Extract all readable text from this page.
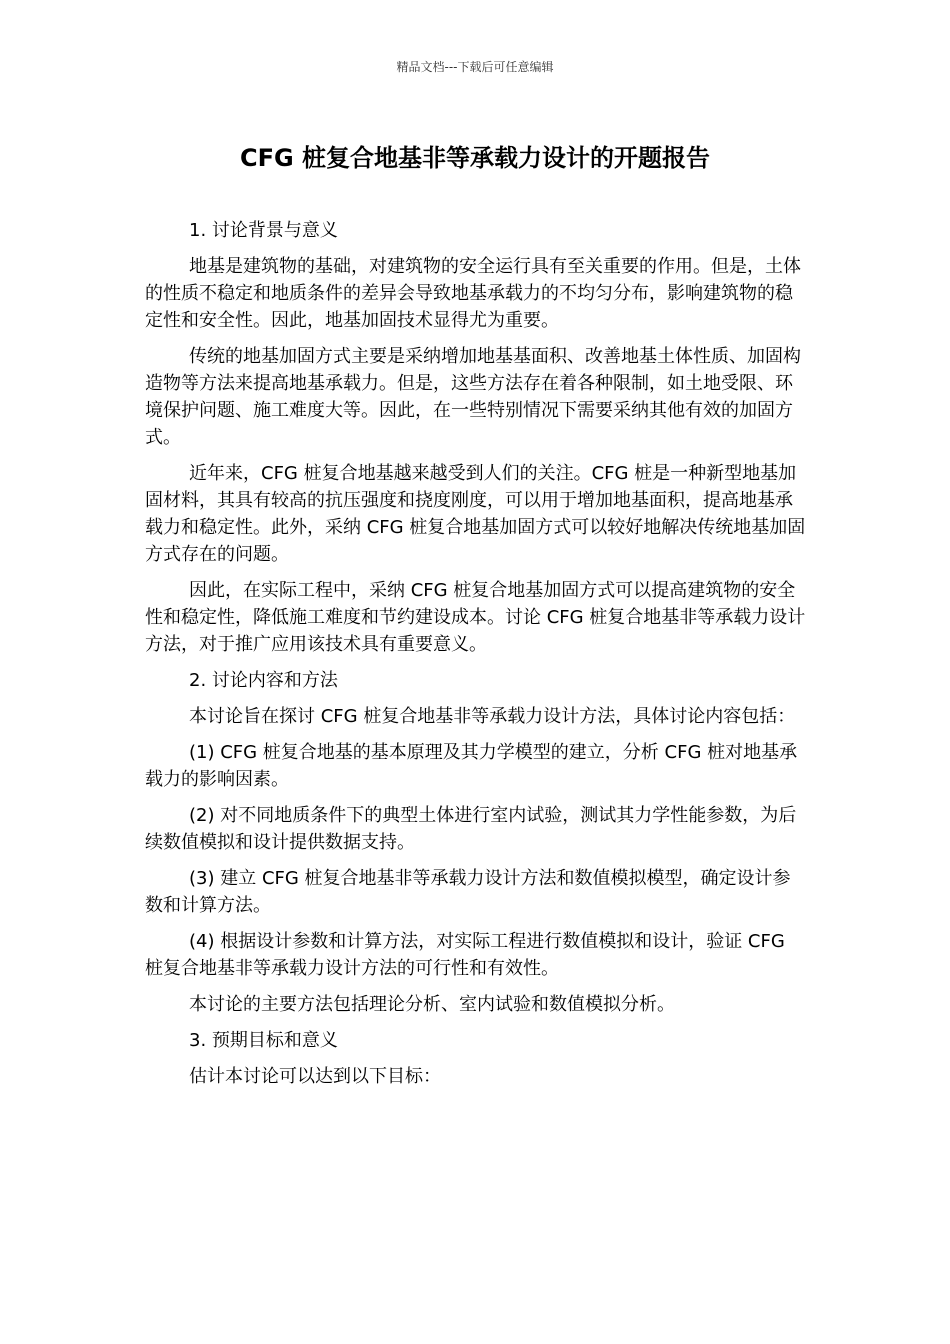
精品文档---下载后可任意编辑
CFG 桩复合地基非等承载力设计的开题报告

1. 讨论背景与意义

地基是建筑物的基础，对建筑物的安全运行具有至关重要的作用。但是，土体的性质不稳定和地质条件的差异会导致地基承载力的不均匀分布，影响建筑物的稳定性和安全性。因此，地基加固技术显得尤为重要。

传统的地基加固方式主要是采纳增加地基基面积、改善地基土体性质、加固构造物等方法来提高地基承载力。但是，这些方法存在着各种限制，如土地受限、环境保护问题、施工难度大等。因此，在一些特别情况下需要采纳其他有效的加固方式。

近年来，CFG 桩复合地基越来越受到人们的关注。CFG 桩是一种新型地基加固材料，其具有较高的抗压强度和挠度刚度，可以用于增加地基面积，提高地基承载力和稳定性。此外，采纳 CFG 桩复合地基加固方式可以较好地解决传统地基加固方式存在的问题。

因此，在实际工程中，采纳 CFG 桩复合地基加固方式可以提高建筑物的安全性和稳定性，降低施工难度和节约建设成本。讨论 CFG 桩复合地基非等承载力设计方法，对于推广应用该技术具有重要意义。

2. 讨论内容和方法

本讨论旨在探讨 CFG 桩复合地基非等承载力设计方法，具体讨论内容包括：

(1) CFG 桩复合地基的基本原理及其力学模型的建立，分析 CFG 桩对地基承载力的影响因素。

(2) 对不同地质条件下的典型土体进行室内试验，测试其力学性能参数，为后续数值模拟和设计提供数据支持。

(3) 建立 CFG 桩复合地基非等承载力设计方法和数值模拟模型，确定设计参数和计算方法。

(4) 根据设计参数和计算方法，对实际工程进行数值模拟和设计，验证 CFG 桩复合地基非等承载力设计方法的可行性和有效性。

本讨论的主要方法包括理论分析、室内试验和数值模拟分析。

3. 预期目标和意义

估计本讨论可以达到以下目标：
